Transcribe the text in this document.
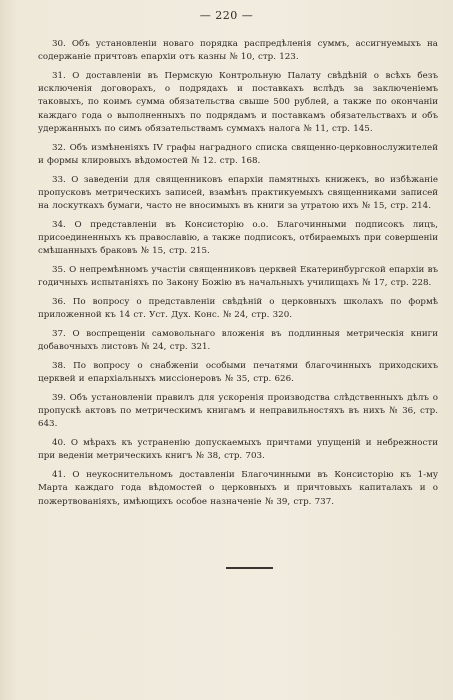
— 220 —

30. Объ установленіи новаго порядка распредѣленія суммъ, ассигнуемыхъ на содержаніе причтовъ епархіи отъ казны № 10, стр. 123.

31. О доставленіи въ Пермскую Контрольную Палату свѣдѣній о всѣхъ безъ исключенія договорахъ, о подрядахъ и поставкахъ вслѣдъ за заключеніемъ таковыхъ, по коимъ сумма обязательства свыше 500 рублей, а также по окончаніи каждаго года о выполненныхъ по подрядамъ и поставкамъ обязательствахъ и объ удержанныхъ по симъ обязательствамъ суммахъ налога № 11, стр. 145.

32. Объ измѣненіяхъ IV графы наградного списка священно-церковнослужителей и формы клировыхъ вѣдомостей № 12. стр. 168.

33. О заведеніи для священниковъ епархіи памятныхъ книжекъ, во избѣжаніе пропусковъ метрическихъ записей, взамѣнъ практикуемыхъ священниками записей на лоскуткахъ бумаги, часто не вносимыхъ въ книги за утратою ихъ № 15, стр. 214.

34. О представленіи въ Консисторію о.о. Благочинными подписокъ лицъ, присоединенныхъ къ православію, а также подписокъ, отбираемыхъ при совершеніи смѣшанныхъ браковъ № 15, стр. 215.

35. О непремѣнномъ участіи священниковъ церквей Екатеринбургской епархіи въ годичныхъ испытаніяхъ по Закону Божію въ начальныхъ училищахъ № 17, стр. 228.

36. По вопросу о представленіи свѣдѣній о церковныхъ школахъ по формѣ приложенной къ 14 ст. Уст. Дух. Конс. № 24, стр. 320.

37. О воспрещеніи самовольнаго вложенія въ подлинныя метрическія книги добавочныхъ листовъ № 24, стр. 321.

38. По вопросу о снабженіи особыми печатями благочинныхъ приходскихъ церквей и епархіальныхъ миссіонеровъ № 35, стр. 626.

39. Объ установленіи правилъ для ускоренія производства слѣдственныхъ дѣлъ о пропускѣ актовъ по метрическимъ книгамъ и неправильностяхъ въ нихъ № 36, стр. 643.

40. О мѣрахъ къ устраненію допускаемыхъ причтами упущеній и небрежности при веденіи метрическихъ книгъ № 38, стр. 703.

41. О неукоснительномъ доставленіи Благочинными въ Консисторію къ 1-му Марта каждаго года вѣдомостей о церковныхъ и причтовыхъ капиталахъ и о пожертвованіяхъ, имѣющихъ особое назначеніе № 39, стр. 737.
